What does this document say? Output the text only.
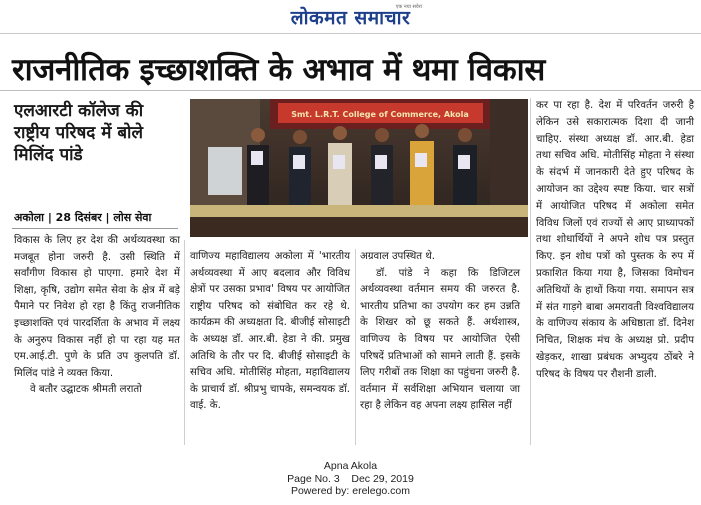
लोकमत समाचार
एक नया सवेरा
राजनीतिक इच्छाशक्ति के अभाव में थमा विकास
एलआरटी कॉलेज की राष्ट्रीय परिषद में बोले मिलिंद पांडे
अकोला | 28 दिसंबर | लोस सेवा
Smt. L.R.T. College of Commerce, Akola

विकास के लिए हर देश की अर्थव्यवस्था का मजबूत होना जरुरी है. उसी स्थिति में सर्वांगीण विकास हो पाएगा. हमारे देश में शिक्षा, कृषि, उद्योग समेत सेवा के क्षेत्र में बड़े पैमाने पर निवेश हो रहा है किंतु राजनीतिक इच्छाशक्ति एवं पारदर्शिता के अभाव में लक्ष्य के अनुरुप विकास नहीं हो पा रहा यह मत एम.आई.टी. पुणे के प्रति उप कुलपति डॉ. मिलिंद पांडे ने व्यक्त किया.

वे बतौर उद्घाटक श्रीमती लरातो

वाणिज्य महाविद्यालय अकोला में 'भारतीय अर्थव्यवस्था में आए बदलाव और विविध क्षेत्रों पर उसका प्रभाव' विषय पर आयोजित राष्ट्रीय परिषद को संबोधित कर रहे थे. कार्यक्रम की अध्यक्षता दि. बीजीई सोसाइटी के अध्यक्ष डॉ. आर.बी. हेडा ने की. प्रमुख अतिथि के तौर पर दि. बीजीई सोसाइटी के सचिव अधि. मोतीसिंह मोहता, महाविद्यालय के प्राचार्य डॉ. श्रीप्रभु चापके, समन्वयक डॉ. वाई. के.

अग्रवाल उपस्थित थे.

डॉ. पांडे ने कहा कि डिजिटल अर्थव्यवस्था वर्तमान समय की जरुरत है. भारतीय प्रतिभा का उपयोग कर हम उन्नति के शिखर को छू सकते हैं. अर्थशास्त्र, वाणिज्य के विषय पर आयोजित ऐसी परिषदें प्रतिभाओं को सामने लाती हैं. इसके लिए गरीबों तक शिक्षा का पहुंचना जरुरी है. वर्तमान में सर्वशिक्षा अभियान चलाया जा रहा है लेकिन वह अपना लक्ष्य हासिल नहीं

कर पा रहा है. देश में परिवर्तन जरुरी है लेकिन उसे सकारात्मक दिशा दी जानी चाहिए. संस्था अध्यक्ष डॉ. आर.बी. हेडा तथा सचिव अधि. मोतीसिंह मोहता ने संस्था के संदर्भ में जानकारी देते हुए परिषद के आयोजन का उद्देश्य स्पष्ट किया. चार सत्रों में आयोजित परिषद में अकोला समेत विविध जिलों एवं राज्यों से आए प्राध्यापकों तथा शोधार्थियों ने अपने शोध पत्र प्रस्तुत किए. इन शोध पत्रों को पुस्तक के रुप में प्रकाशित किया गया है, जिसका विमोचन अतिथियों के हाथों किया गया. समापन सत्र में संत गाड़गे बाबा अमरावती विश्वविद्यालय के वाणिज्य संकाय के अधिष्ठाता डॉ. दिनेश निचित, शिक्षक मंच के अध्यक्ष प्रो. प्रदीप खेड़कर, शाखा प्रबंधक अभ्युदय ठोंबरे ने परिषद के विषय पर रौशनी डाली.

Apna Akola
Page No. 3    Dec 29, 2019
Powered by: erelego.com
